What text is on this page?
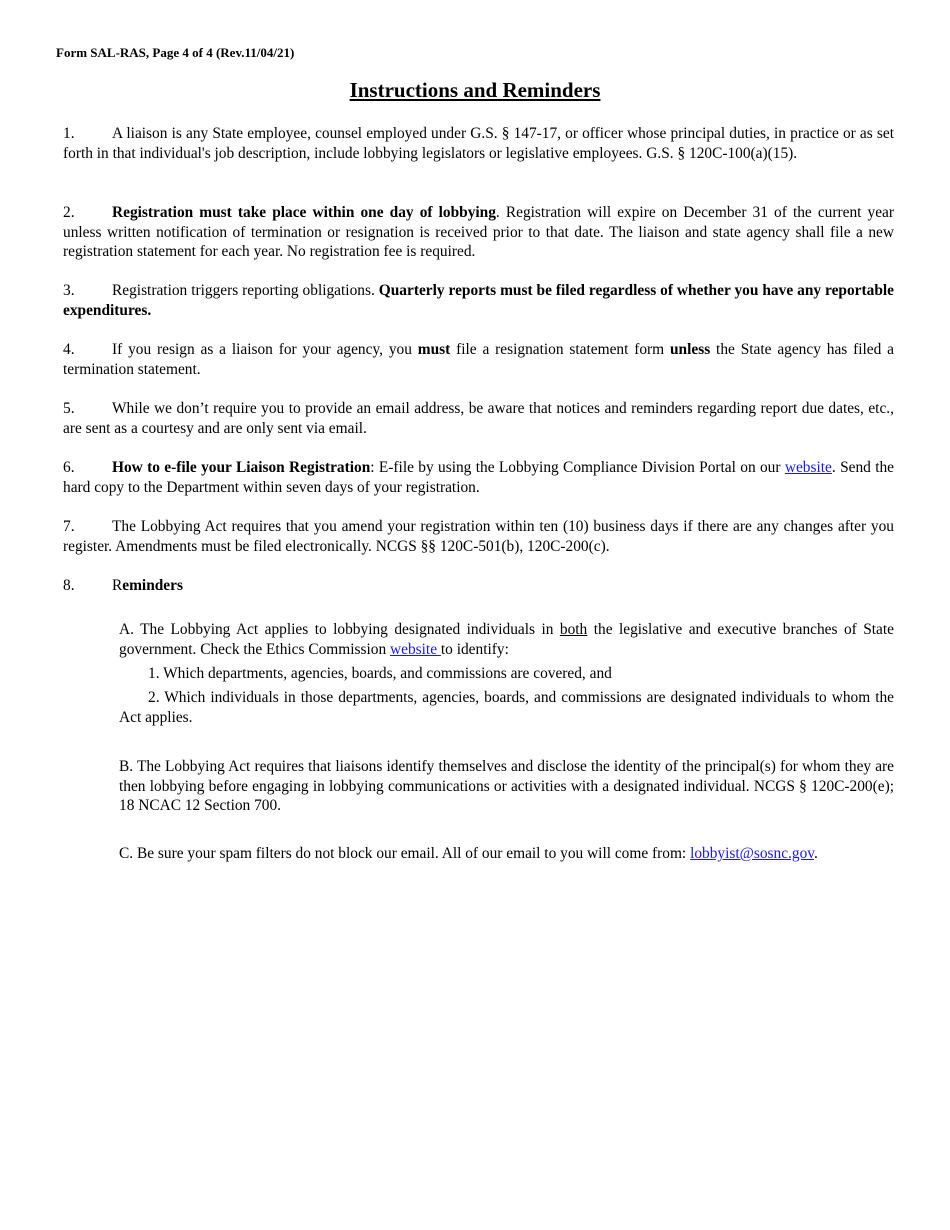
Form SAL-RAS, Page 4 of 4 (Rev.11/04/21)
Instructions and Reminders
1. A liaison is any State employee, counsel employed under G.S. § 147-17, or officer whose principal duties, in practice or as set forth in that individual's job description, include lobbying legislators or legislative employees. G.S. § 120C-100(a)(15).
2. Registration must take place within one day of lobbying. Registration will expire on December 31 of the current year unless written notification of termination or resignation is received prior to that date. The liaison and state agency shall file a new registration statement for each year. No registration fee is required.
3. Registration triggers reporting obligations. Quarterly reports must be filed regardless of whether you have any reportable expenditures.
4. If you resign as a liaison for your agency, you must file a resignation statement form unless the State agency has filed a termination statement.
5. While we don’t require you to provide an email address, be aware that notices and reminders regarding report due dates, etc., are sent as a courtesy and are only sent via email.
6. How to e-file your Liaison Registration: E-file by using the Lobbying Compliance Division Portal on our website. Send the hard copy to the Department within seven days of your registration.
7. The Lobbying Act requires that you amend your registration within ten (10) business days if there are any changes after you register. Amendments must be filed electronically. NCGS §§ 120C-501(b), 120C-200(c).
8. Reminders
A. The Lobbying Act applies to lobbying designated individuals in both the legislative and executive branches of State government. Check the Ethics Commission website to identify:
1. Which departments, agencies, boards, and commissions are covered, and
2. Which individuals in those departments, agencies, boards, and commissions are designated individuals to whom the Act applies.
B. The Lobbying Act requires that liaisons identify themselves and disclose the identity of the principal(s) for whom they are then lobbying before engaging in lobbying communications or activities with a designated individual. NCGS § 120C-200(e); 18 NCAC 12 Section 700.
C. Be sure your spam filters do not block our email. All of our email to you will come from: lobbyist@sosnc.gov.
